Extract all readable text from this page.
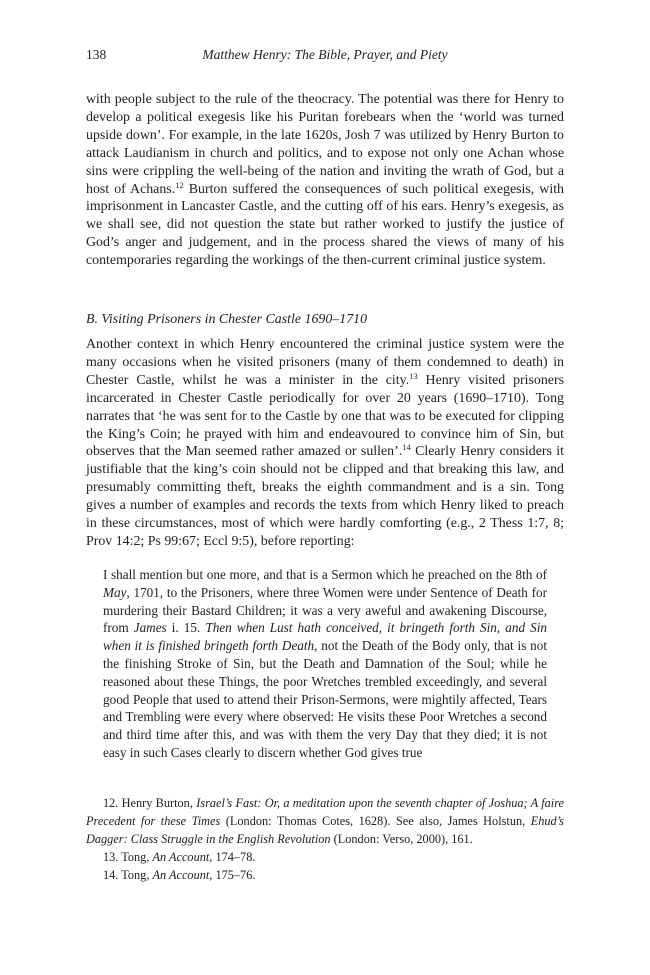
138	Matthew Henry: The Bible, Prayer, and Piety

with people subject to the rule of the theocracy. The potential was there for Henry to develop a political exegesis like his Puritan forebears when the ‘world was turned upside down’. For example, in the late 1620s, Josh 7 was utilized by Henry Burton to attack Laudianism in church and politics, and to expose not only one Achan whose sins were crippling the well-being of the nation and inviting the wrath of God, but a host of Achans.$^{12}$ Burton suffered the consequences of such political exegesis, with imprisonment in Lancaster Castle, and the cutting off of his ears. Henry’s exegesis, as we shall see, did not question the state but rather worked to justify the justice of God’s anger and judgement, and in the process shared the views of many of his contemporaries regarding the workings of the then-current criminal justice system.

B. Visiting Prisoners in Chester Castle 1690–1710

Another context in which Henry encountered the criminal justice system were the many occasions when he visited prisoners (many of them condemned to death) in Chester Castle, whilst he was a minister in the city.$^{13}$ Henry visited prisoners incarcerated in Chester Castle periodically for over 20 years (1690–1710). Tong narrates that ‘he was sent for to the Castle by one that was to be executed for clipping the King’s Coin; he prayed with him and endeavoured to convince him of Sin, but observes that the Man seemed rather amazed or sullen’.$^{14}$ Clearly Henry considers it justifiable that the king’s coin should not be clipped and that breaking this law, and presumably committing theft, breaks the eighth commandment and is a sin. Tong gives a number of examples and records the texts from which Henry liked to preach in these circumstances, most of which were hardly comforting (e.g., 2 Thess 1:7, 8; Prov 14:2; Ps 99:67; Eccl 9:5), before reporting:

I shall mention but one more, and that is a Sermon which he preached on the 8th of May, 1701, to the Prisoners, where three Women were under Sentence of Death for murdering their Bastard Children; it was a very aweful and awakening Discourse, from James i. 15. Then when Lust hath conceived, it bringeth forth Sin, and Sin when it is finished bringeth forth Death, not the Death of the Body only, that is not the finishing Stroke of Sin, but the Death and Damnation of the Soul; while he reasoned about these Things, the poor Wretches trembled exceedingly, and several good People that used to attend their Prison-Sermons, were mightily affected, Tears and Trembling were every where observed: He visits these Poor Wretches a second and third time after this, and was with them the very Day that they died; it is not easy in such Cases clearly to discern whether God gives true

12. Henry Burton, Israel’s Fast: Or, a meditation upon the seventh chapter of Joshua; A faire Precedent for these Times (London: Thomas Cotes, 1628). See also, James Holstun, Ehud’s Dagger: Class Struggle in the English Revolution (London: Verso, 2000), 161.

13. Tong, An Account, 174–78.

14. Tong, An Account, 175–76.
